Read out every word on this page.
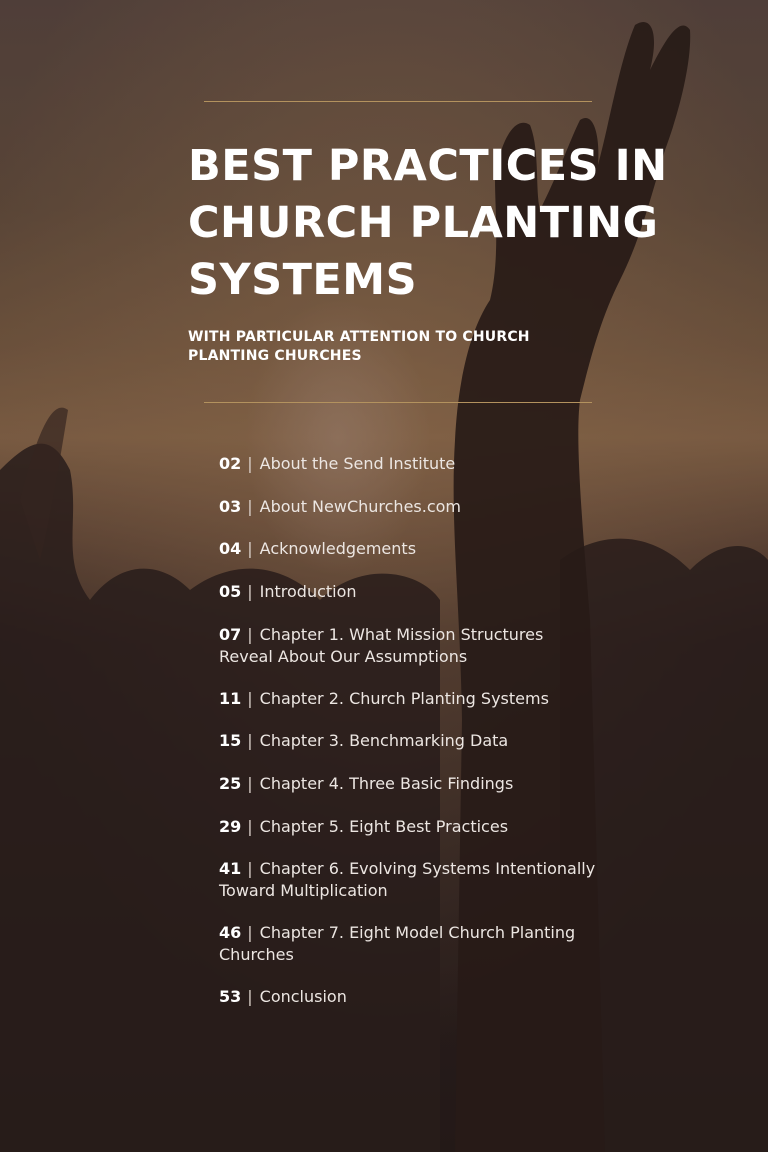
BEST PRACTICES IN
CHURCH PLANTING
SYSTEMS

WITH PARTICULAR ATTENTION TO CHURCH
PLANTING CHURCHES

02 | About the Send Institute
03 | About NewChurches.com
04 | Acknowledgements
05 | Introduction
07 | Chapter 1. What Mission Structures
Reveal About Our Assumptions
11 | Chapter 2. Church Planting Systems
15 | Chapter 3. Benchmarking Data
25 | Chapter 4. Three Basic Findings
29 | Chapter 5. Eight Best Practices
41 | Chapter 6. Evolving Systems Intentionally
Toward Multiplication
46 | Chapter 7. Eight Model Church Planting
Churches
53 | Conclusion
